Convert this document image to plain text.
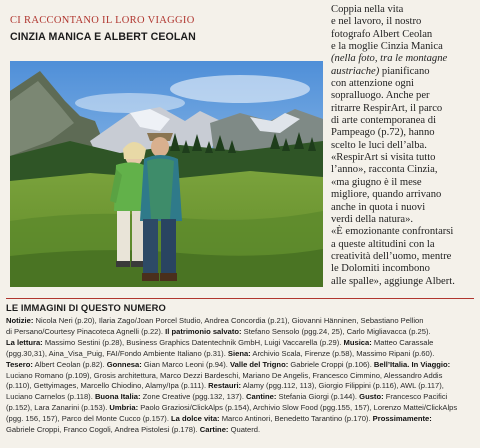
CI RACCONTANO IL LORO VIAGGIO
CINZIA MANICA E ALBERT CEOLAN
Coppia nella vita
e nel lavoro, il nostro
fotografo Albert Ceolan
e la moglie Cinzia Manica
(nella foto, tra le montagne
austriache) pianificano
con attenzione ogni
sopralluogo. Anche per
ritrarre RespirArt, il parco
di arte contemporanea di
Pampeago (p.72), hanno
scelto le luci dell’alba.
«RespirArt si visita tutto
l’anno», racconta Cinzia,
«ma giugno è il mese
migliore, quando arrivano
anche in quota i nuovi
verdi della natura».
«È emozionante confrontarsi
a queste altitudini con la
creatività dell’uomo, mentre
le Dolomiti incombono
alle spalle», aggiunge Albert.
LE IMMAGINI DI QUESTO NUMERO
Notizie: Nicola Neri (p.20), Ilaria Zago/Joan Porcel Studio, Andrea Concordia (p.21), Giovanni Hänninen, Sebastiano Pellion
di Persano/Courtesy Pinacoteca Agnelli (p.22). Il patrimonio salvato: Stefano Sensolo (pgg.24, 25), Carlo Migliavacca (p.25).
La lettura: Massimo Sestini (p.28), Business Graphics Datentechnik GmbH, Luigi Vaccarella (p.29). Musica: Matteo Carassale
(pgg.30,31), Aina_Visa_Puig, FAI/Fondo Ambiente Italiano (p.31). Siena: Archivio Scala, Firenze (p.58), Massimo Ripani (p.60).
Tesero: Albert Ceolan (p.82). Gonnesa: Gian Marco Leoni (p.94). Valle del Trigno: Gabriele Croppi (p.106). Bell’Italia. In Viaggio:
Luciano Romano (p.109), Grosis architettura, Marco Dezzi Bardeschi, Mariano De Angelis, Francesco Cimmino, Alessandro Addis
(p.110), Gettyimages, Marcello Chiodino, Alamy/Ipa (p.111). Restauri: Alamy (pgg.112, 113), Giorgio Filippini (p.116), AWL (p.117),
Luciano Carnelos (p.118). Buona Italia: Zone Creative (pgg.132, 137). Cantine: Stefania Giorgi (p.144). Gusto: Francesco Pacifici
(p.152), Lara Zanarini (p.153). Umbria: Paolo Graziosi/ClickAlps (p.154), Archivio Slow Food (pgg.155, 157), Lorenzo Mattei/ClickAlps
(pgg. 156, 157), Parco del Monte Cucco (p.157). La dolce vita: Marco Antinori, Benedetto Tarantino (p.170). Prossimamente:
Gabriele Croppi, Franco Cogoli, Andrea Pistolesi (p.178). Cartine: Quaterd.
